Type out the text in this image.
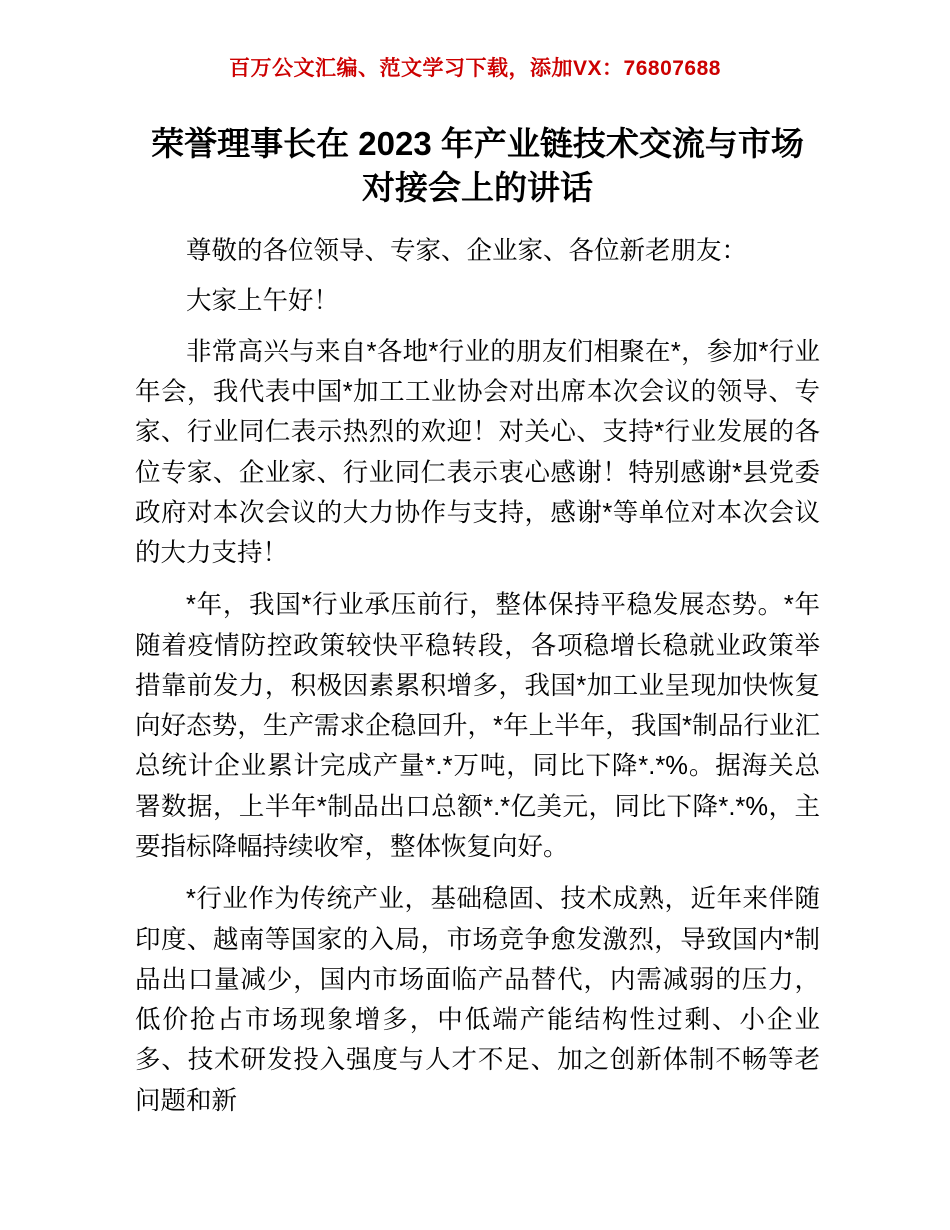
百万公文汇编、范文学习下载，添加VX：76807688
荣誉理事长在 2023 年产业链技术交流与市场对接会上的讲话

尊敬的各位领导、专家、企业家、各位新老朋友：

大家上午好！

非常高兴与来自*各地*行业的朋友们相聚在*，参加*行业年会，我代表中国*加工工业协会对出席本次会议的领导、专家、行业同仁表示热烈的欢迎！对关心、支持*行业发展的各位专家、企业家、行业同仁表示衷心感谢！特别感谢*县党委政府对本次会议的大力协作与支持，感谢*等单位对本次会议的大力支持！

*年，我国*行业承压前行，整体保持平稳发展态势。*年随着疫情防控政策较快平稳转段，各项稳增长稳就业政策举措靠前发力，积极因素累积增多，我国*加工业呈现加快恢复向好态势，生产需求企稳回升，*年上半年，我国*制品行业汇总统计企业累计完成产量*.*万吨，同比下降*.*%。据海关总署数据，上半年*制品出口总额*.*亿美元，同比下降*.*%，主要指标降幅持续收窄，整体恢复向好。

*行业作为传统产业，基础稳固、技术成熟，近年来伴随印度、越南等国家的入局，市场竞争愈发激烈，导致国内*制品出口量减少，国内市场面临产品替代，内需减弱的压力，低价抢占市场现象增多，中低端产能结构性过剩、小企业多、技术研发投入强度与人才不足、加之创新体制不畅等老问题和新
